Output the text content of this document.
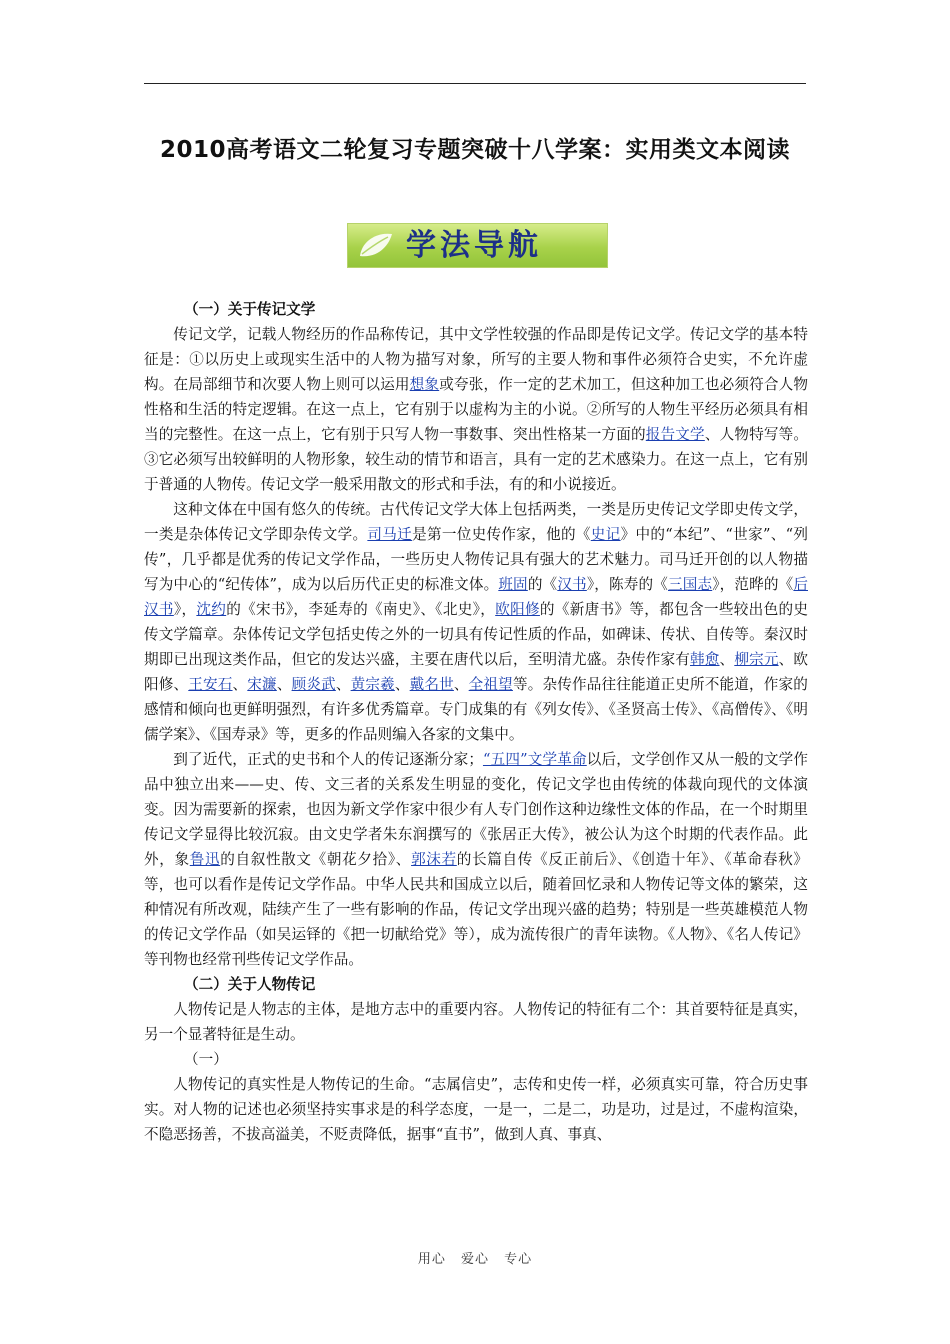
2010高考语文二轮复习专题突破十八学案：实用类文本阅读
学法导航
（一）关于传记文学

传记文学，记载人物经历的作品称传记，其中文学性较强的作品即是传记文学。传记文学的基本特征是：①以历史上或现实生活中的人物为描写对象，所写的主要人物和事件必须符合史实，不允许虚构。在局部细节和次要人物上则可以运用想象或夸张，作一定的艺术加工，但这种加工也必须符合人物性格和生活的特定逻辑。在这一点上，它有别于以虚构为主的小说。②所写的人物生平经历必须具有相当的完整性。在这一点上，它有别于只写人物一事数事、突出性格某一方面的报告文学、人物特写等。③它必须写出较鲜明的人物形象，较生动的情节和语言，具有一定的艺术感染力。在这一点上，它有别于普通的人物传。传记文学一般采用散文的形式和手法，有的和小说接近。

这种文体在中国有悠久的传统。古代传记文学大体上包括两类，一类是历史传记文学即史传文学，一类是杂体传记文学即杂传文学。司马迁是第一位史传作家，他的《史记》中的“本纪”、“世家”、“列传”，几乎都是优秀的传记文学作品，一些历史人物传记具有强大的艺术魅力。司马迁开创的以人物描写为中心的“纪传体”，成为以后历代正史的标准文体。班固的《汉书》，陈寿的《三国志》，范晔的《后汉书》，沈约的《宋书》，李延寿的《南史》、《北史》，欧阳修的《新唐书》等，都包含一些较出色的史传文学篇章。杂体传记文学包括史传之外的一切具有传记性质的作品，如碑诔、传状、自传等。秦汉时期即已出现这类作品，但它的发达兴盛，主要在唐代以后，至明清尤盛。杂传作家有韩愈、柳宗元、欧阳修、王安石、宋濂、顾炎武、黄宗羲、戴名世、全祖望等。杂传作品往往能道正史所不能道，作家的感情和倾向也更鲜明强烈，有许多优秀篇章。专门成集的有《列女传》、《圣贤高士传》、《高僧传》、《明儒学案》、《国寿录》等，更多的作品则编入各家的文集中。

到了近代，正式的史书和个人的传记逐渐分家；“五四”文学革命以后，文学创作又从一般的文学作品中独立出来——史、传、文三者的关系发生明显的变化，传记文学也由传统的体裁向现代的文体演变。因为需要新的探索，也因为新文学作家中很少有人专门创作这种边缘性文体的作品，在一个时期里传记文学显得比较沉寂。由文史学者朱东润撰写的《张居正大传》，被公认为这个时期的代表作品。此外，象鲁迅的自叙性散文《朝花夕拾》、郭沫若的长篇自传《反正前后》、《创造十年》、《革命春秋》等，也可以看作是传记文学作品。中华人民共和国成立以后，随着回忆录和人物传记等文体的繁荣，这种情况有所改观，陆续产生了一些有影响的作品，传记文学出现兴盛的趋势；特别是一些英雄模范人物的传记文学作品（如吴运铎的《把一切献给党》等），成为流传很广的青年读物。《人物》、《名人传记》等刊物也经常刊些传记文学作品。

（二）关于人物传记

人物传记是人物志的主体，是地方志中的重要内容。人物传记的特征有二个：其首要特征是真实，另一个显著特征是生动。

（一）

人物传记的真实性是人物传记的生命。“志属信史”，志传和史传一样，必须真实可靠，符合历史事实。对人物的记述也必须坚持实事求是的科学态度，一是一，二是二，功是功，过是过，不虚构渲染，不隐恶扬善，不拔高溢美，不贬责降低，据事“直书”，做到人真、事真、

用心 爱心 专心
